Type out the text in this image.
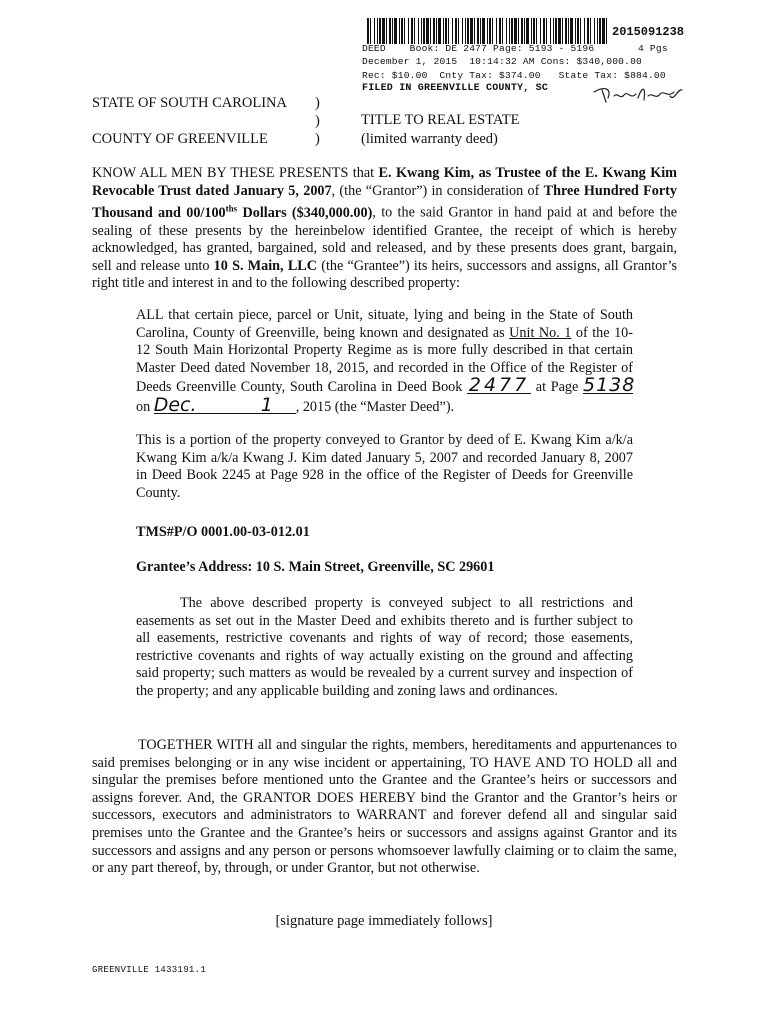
2015091238
DEED    Book: DE 2477 Page: 5193 - 5196	4 Pgs
December 1, 2015  10:14:32 AM Cons: $340,000.00
Rec: $10.00  Cnty Tax: $374.00   State Tax: $884.00
FILED IN GREENVILLE COUNTY, SC
STATE OF SOUTH CAROLINA )
)
)
COUNTY OF GREENVILLE
TITLE TO REAL ESTATE
(limited warranty deed)
KNOW ALL MEN BY THESE PRESENTS that E. Kwang Kim, as Trustee of the E. Kwang Kim Revocable Trust dated January 5, 2007, (the “Grantor”) in consideration of Three Hundred Forty Thousand and $00/100^{ths}$ Dollars ($340,000.00), to the said Grantor in hand paid at and before the sealing of these presents by the hereinbelow identified Grantee, the receipt of which is hereby acknowledged, has granted, bargained, sold and released, and by these presents does grant, bargain, sell and release unto 10 S. Main, LLC (the “Grantee”) its heirs, successors and assigns, all Grantor’s right title and interest in and to the following described property:
ALL that certain piece, parcel or Unit, situate, lying and being in the State of South Carolina, County of Greenville, being known and designated as Unit No. 1 of the 10-12 South Main Horizontal Property Regime as is more fully described in that certain Master Deed dated November 18, 2015, and recorded in the Office of the Register of Deeds Greenville County, South Carolina in Deed Book 2477 at Page 5138 on Dec.	1 , 2015 (the “Master Deed”).
This is a portion of the property conveyed to Grantor by deed of E. Kwang Kim a/k/a Kwang Kim a/k/a Kwang J. Kim dated January 5, 2007 and recorded January 8, 2007 in Deed Book 2245 at Page 928 in the office of the Register of Deeds for Greenville County.
TMS#P/O 0001.00-03-012.01
Grantee’s Address: 10 S. Main Street, Greenville, SC 29601
The above described property is conveyed subject to all restrictions and easements as set out in the Master Deed and exhibits thereto and is further subject to all easements, restrictive covenants and rights of way of record; those easements, restrictive covenants and rights of way actually existing on the ground and affecting said property; such matters as would be revealed by a current survey and inspection of the property; and any applicable building and zoning laws and ordinances.
TOGETHER WITH all and singular the rights, members, hereditaments and appurtenances to said premises belonging or in any wise incident or appertaining, TO HAVE AND TO HOLD all and singular the premises before mentioned unto the Grantee and the Grantee’s heirs or successors and assigns forever. And, the GRANTOR DOES HEREBY bind the Grantor and the Grantor’s heirs or successors, executors and administrators to WARRANT and forever defend all and singular said premises unto the Grantee and the Grantee’s heirs or successors and assigns against Grantor and its successors and assigns and any person or persons whomsoever lawfully claiming or to claim the same, or any part thereof, by, through, or under Grantor, but not otherwise.
[signature page immediately follows]
GREENVILLE 1433191.1
